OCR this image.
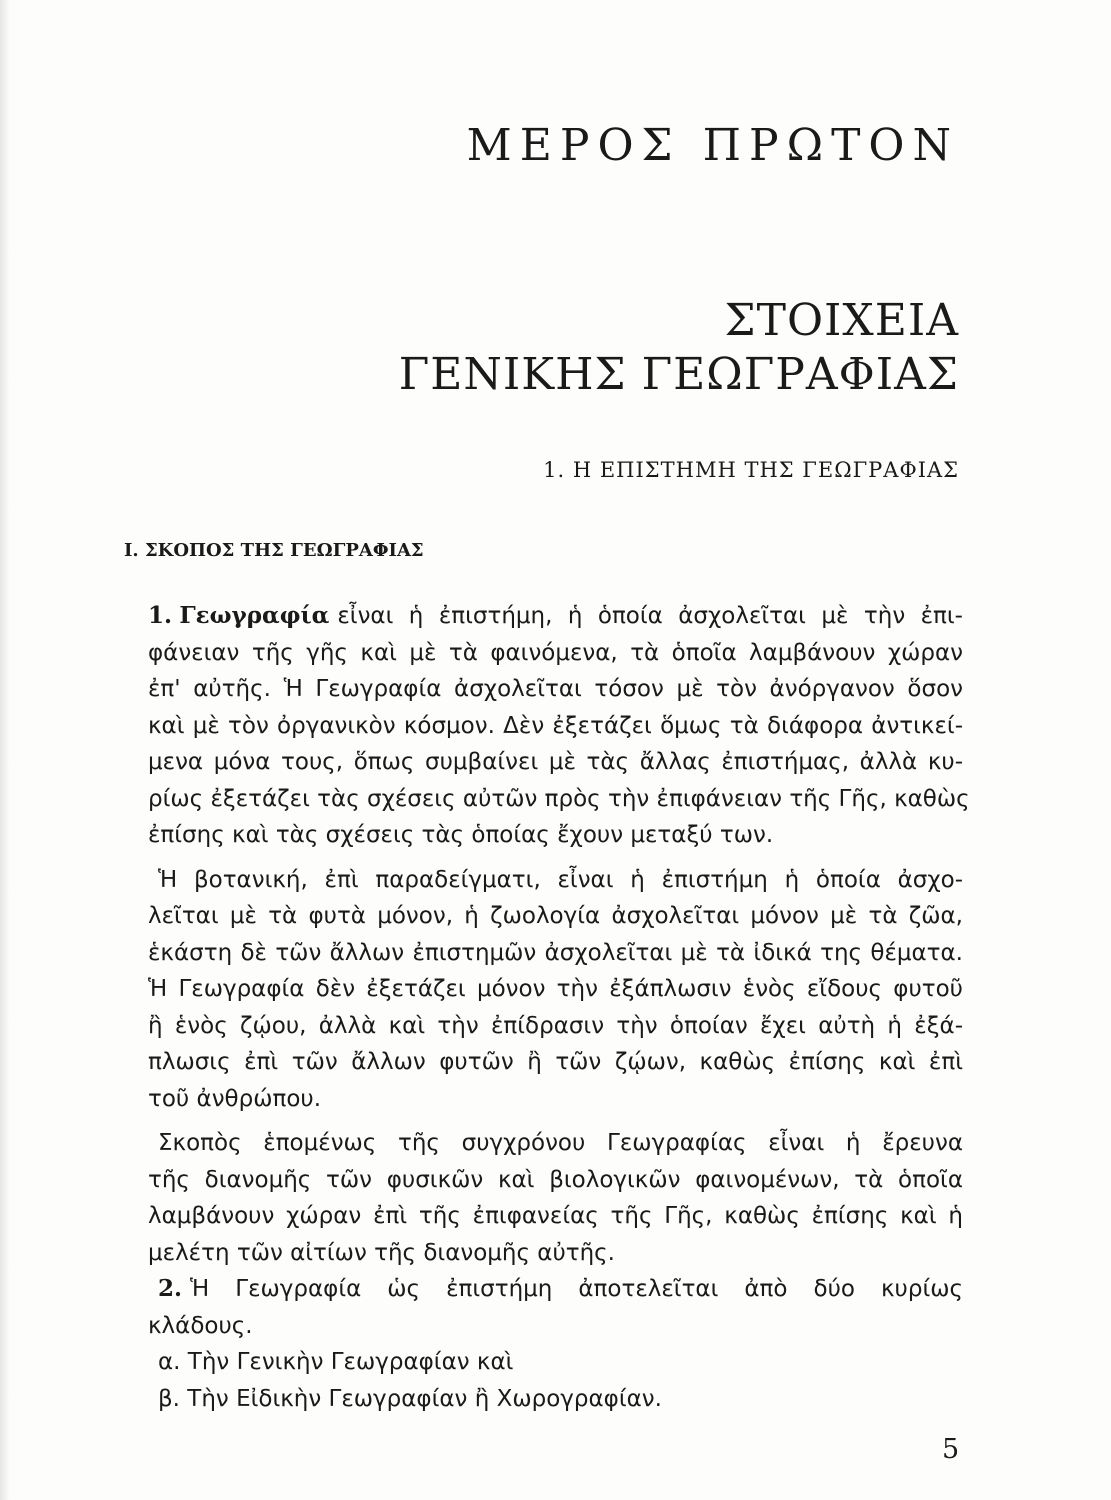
ΜΕΡΟΣ ΠΡΩΤΟΝ
ΣΤΟΙΧΕΙΑ
ΓΕΝΙΚΗΣ ΓΕΩΓΡΑΦΙΑΣ
1. Η ΕΠΙΣΤΗΜΗ ΤΗΣ ΓΕΩΓΡΑΦΙΑΣ
Ι. ΣΚΟΠΟΣ ΤΗΣ ΓΕΩΓΡΑΦΙΑΣ
1. Γεωγραφία εἶναι ἡ ἐπιστήμη, ἡ ὁποία ἀσχολεῖται μὲ τὴν ἐπι-
φάνειαν τῆς γῆς καὶ μὲ τὰ φαινόμενα, τὰ ὁποῖα λαμβάνουν χώραν
ἐπ' αὐτῆς. Ἡ Γεωγραφία ἀσχολεῖται τόσον μὲ τὸν ἀνόργανον ὅσον
καὶ μὲ τὸν ὀργανικὸν κόσμον. Δὲν ἐξετάζει ὅμως τὰ διάφορα ἀντικεί-
μενα μόνα τους, ὅπως συμβαίνει μὲ τὰς ἄλλας ἐπιστήμας, ἀλλὰ κυ-
ρίως ἐξετάζει τὰς σχέσεις αὐτῶν πρὸς τὴν ἐπιφάνειαν τῆς Γῆς, καθὼς
ἐπίσης καὶ τὰς σχέσεις τὰς ὁποίας ἔχουν μεταξύ των.
Ἡ βοτανική, ἐπὶ παραδείγματι, εἶναι ἡ ἐπιστήμη ἡ ὁποία ἀσχο-
λεῖται μὲ τὰ φυτὰ μόνον, ἡ ζωολογία ἀσχολεῖται μόνον μὲ τὰ ζῶα,
ἑκάστη δὲ τῶν ἄλλων ἐπιστημῶν ἀσχολεῖται μὲ τὰ ἰδικά της θέματα.
Ἡ Γεωγραφία δὲν ἐξετάζει μόνον τὴν ἐξάπλωσιν ἑνὸς εἴδους φυτοῦ
ἢ ἑνὸς ζῴου, ἀλλὰ καὶ τὴν ἐπίδρασιν τὴν ὁποίαν ἔχει αὐτὴ ἡ ἐξά-
πλωσις ἐπὶ τῶν ἄλλων φυτῶν ἢ τῶν ζῴων, καθὼς ἐπίσης καὶ ἐπὶ
τοῦ ἀνθρώπου.
Σκοπὸς ἑπομένως τῆς συγχρόνου Γεωγραφίας εἶναι ἡ ἔρευνα
τῆς διανομῆς τῶν φυσικῶν καὶ βιολογικῶν φαινομένων, τὰ ὁποῖα
λαμβάνουν χώραν ἐπὶ τῆς ἐπιφανείας τῆς Γῆς, καθὼς ἐπίσης καὶ ἡ
μελέτη τῶν αἰτίων τῆς διανομῆς αὐτῆς.
2. Ἡ Γεωγραφία ὡς ἐπιστήμη ἀποτελεῖται ἀπὸ δύο κυρίως
κλάδους.
α. Τὴν Γενικὴν Γεωγραφίαν καὶ
β. Τὴν Εἰδικὴν Γεωγραφίαν ἢ Χωρογραφίαν.
5
